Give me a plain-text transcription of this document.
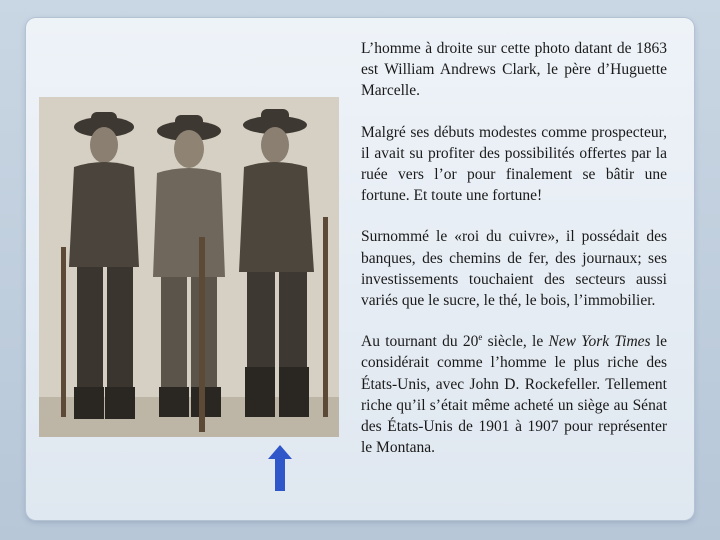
L’homme à droite sur cette photo datant de 1863 est William Andrews Clark, le père d’Huguette Marcelle.

Malgré ses débuts modestes comme prospecteur, il avait su profiter des possibilités offertes par la ruée vers l’or pour finalement se bâtir une fortune. Et toute une fortune!

Surnommé le «roi du cuivre», il possédait des banques, des chemins de fer, des journaux; ses investissements touchaient des secteurs aussi variés que le sucre, le thé, le bois, l’immobilier.

Au tournant du 20e siècle, le New York Times le considérait comme l’homme le plus riche des États-Unis, avec John D. Rockefeller. Tellement riche qu’il s’était même acheté un siège au Sénat des États-Unis de 1901 à 1907 pour représenter le Montana.
